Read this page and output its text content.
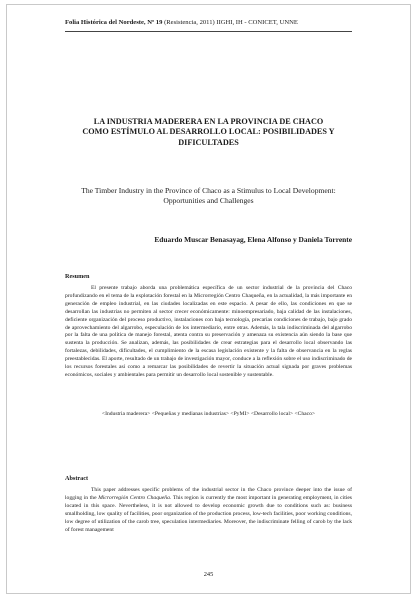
Folia Histórica del Nordeste, Nº 19 (Resistencia, 2011) IIGHI, IH - CONICET, UNNE
LA INDUSTRIA MADERERA EN LA PROVINCIA DE CHACO
COMO ESTÍMULO AL DESARROLLO LOCAL: POSIBILIDADES Y
DIFICULTADES
The Timber Industry in the Province of Chaco as a Stimulus to Local Development:
Opportunities and Challenges
Eduardo Muscar Benasayag, Elena Alfonso y Daniela Torrente
Resumen

El presente trabajo aborda una problemática específica de un sector industrial de la provincia del Chaco profundizando en el tema de la explotación forestal en la Microrregión Centro Chaqueña, en la actualidad, la más importante en generación de empleo industrial, en las ciudades localizadas en este espacio. A pesar de ello, las condiciones en que se desarrollan las industrias no permiten al sector crecer económicamente: minoempresariado, baja calidad de las instalaciones, deficiente organización del proceso productivo, instalaciones con baja tecnología, precarias condiciones de trabajo, bajo grado de aprovechamiento del algarrobo, especulación de los intermediario, entre otras. Además, la tala indiscriminada del algarrobo por la falta de una política de manejo forestal, atenta contra su preservación y amenaza su existencia aún siendo la base que sustenta la producción. Se analizan, además, las posibilidades de crear estrategias para el desarrollo local observando las fortalezas, debilidades, dificultades, el cumplimiento de la escasa legislación existente y la falta de observancia en la reglas preestablecidas. El aporte, resultado de un trabajo de investigación mayor, conduce a la reflexión sobre el uso indiscriminado de los recursos forestales así como a remarcar las posibilidades de revertir la situación actual signada por graves problemas económicos, sociales y ambientales para permitir un desarrollo local sostenible y sustentable.

<Industria maderera> <Pequeñas y medianas industrias> <PyMI> <Desarrollo local> <Chaco>
Abstract

This paper addresses specific problems of the industrial sector in the Chaco province deeper into the issue of logging in the Microrregión Centro Chaqueña. This region is currently the most important in generating employment, in cities located in this space. Nevertheless, it is not allowed to develop economic growth due to conditions such as: business smallholding, low quality of facilities, poor organization of the production process, low-tech facilities, poor working conditions, low degree of utilization of the carob tree, speculation intermediaries. Moreover, the indiscriminate felling of carob by the lack of forest management

245
